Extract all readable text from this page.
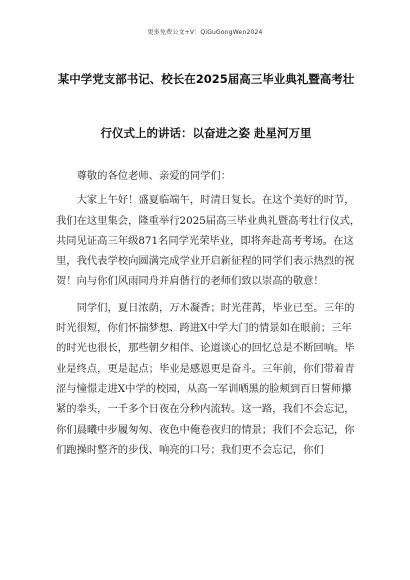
更多免费公文+V：QiGuGongWen2024
某中学党支部书记、校长在2025届高三毕业典礼暨高考壮
行仪式上的讲话：以奋进之姿 赴星河万里

尊敬的各位老师、亲爱的同学们：

大家上午好！盛夏临端午，时清日复长。在这个美好的时节，我们在这里集会，隆重举行2025届高三毕业典礼暨高考壮行仪式，共同见证高三年级871名同学光荣毕业，即将奔赴高考考场。在这里，我代表学校向圆满完成学业开启新征程的同学们表示热烈的祝贺！向与你们风雨同舟并肩偕行的老师们致以崇高的敬意！

同学们，夏日浓荫，万木凝香；时光荏苒，毕业已至。三年的时光很短，你们怀揣梦想、跨进X中学大门的情景如在眼前；三年的时光也很长，那些朝夕相伴、论道谈心的回忆总是不断回响。毕业是终点，更是起点；毕业是感恩更是奋斗。三年前，你们带着青涩与憧憬走进X中学的校园，从高一军训晒黑的脸颊到百日誓师攥紧的拳头，一千多个日夜在分秒内流转。这一路，我们不会忘记，你们晨曦中步履匆匆、夜色中俺卷夜归的情景；我们不会忘记，你们跑操时整齐的步伐、响亮的口号；我们更不会忘记，你们
